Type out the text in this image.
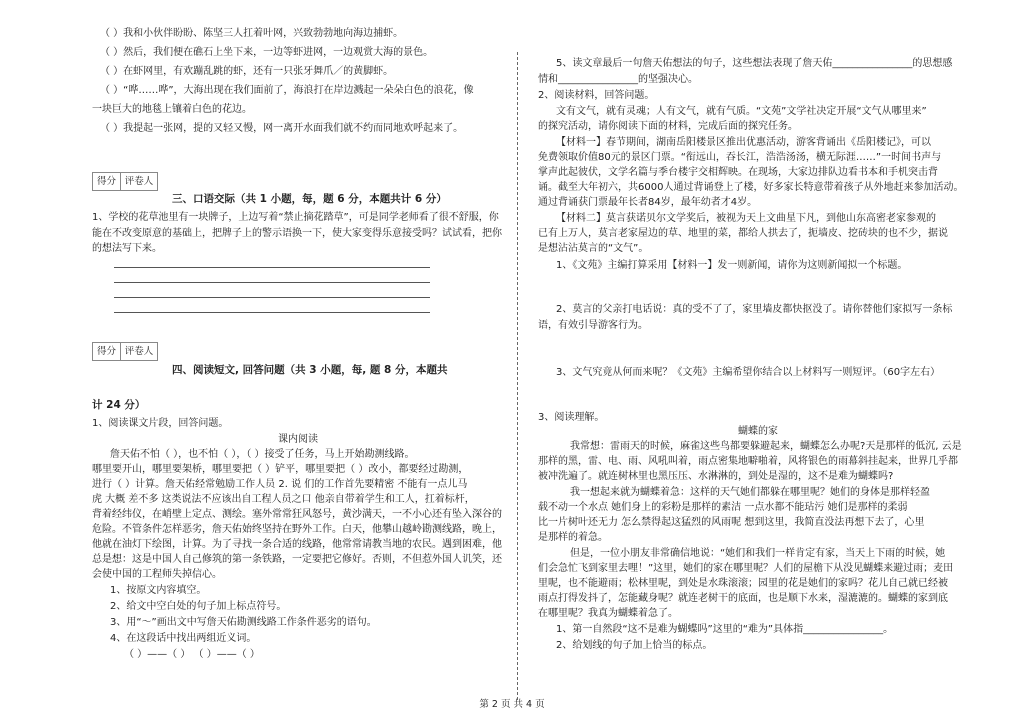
（ ）我和小伙伴盼盼、陈坚三人扛着叶网，兴致勃勃地向海边捕虾。
（ ）然后，我们便在礁石上坐下来，一边等虾进网，一边观赏大海的景色。
（ ）在虾网里，有欢蹦乱跳的虾，还有一只张牙舞爪／的黄脚虾。
（ ）“哗……哗”，大海出现在我们面前了，海浪打在岸边溅起一朵朵白色的浪花，像
一块巨大的地毯上镶着白色的花边。
（ ）我提起一张网，提的又轻又慢，网一离开水面我们就不约而同地欢呼起来了。
得分 评卷人
三、口语交际（共 1 小题，每，题 6 分，本题共计 6 分）
1、学校的花草池里有一块牌子，上边写着“禁止摘花踏草”，可是同学老师看了很不舒服，你
能在不改变原意的基础上，把牌子上的警示语换一下，使大家变得乐意接受吗？试试看，把你
的想法写下来。
得分 评卷人
四、阅读短文, 回答问题（共 3 小题，每, 题 8 分，本题共
计 24 分）
1、阅读课文片段，回答问题。
课内阅读
詹天佑不怕（ ），也不怕（ ），（ ）接受了任务，马上开始勘测线路。
哪里要开山，哪里要架桥，哪里要把（ ）铲平，哪里要把（ ）改小，都要经过勘测，
进行（ ）计算。詹天佑经常勉励工作人员 2. 说 们的工作首先要精密 不能有一点儿马
虎 大概 差不多 这类说法不应该出自工程人员之口 他亲自带着学生和工人，扛着标杆，
背着经纬仪，在峭壁上定点、测绘。塞外常常狂风怒号，黄沙满天，一不小心还有坠入深谷的
危险。不管条件怎样恶劣，詹天佑始终坚持在野外工作。白天，他攀山越岭勘测线路，晚上，
他就在油灯下绘图，计算。为了寻找一条合适的线路，他常常请教当地的农民。遇到困难，他
总是想：这是中国人自己修筑的第一条铁路，一定要把它修好。否则，不但惹外国人讥笑，还
会使中国的工程师失掉信心。
1、按原文内容填空。
2、给文中空白处的句子加上标点符号。
3、用“～”画出文中写詹天佑勘测线路工作条件恶劣的语句。
4、在这段话中找出两组近义词。
（ ）——（ ） （ ）——（ ）
5、读文章最后一句詹天佑想法的句子，这些想法表现了詹天佑________________的思想感
情和________________的坚强决心。
2、阅读材料，回答问题。
文有文气，就有灵魂；人有文气，就有气质。“文苑”文学社决定开展“文气从哪里来”
的探究活动，请你阅读下面的材料，完成后面的探究任务。
【材料一】春节期间，湖南岳阳楼景区推出优惠活动，游客背诵出《岳阳楼记》，可以
免费领取价值80元的景区门票。“衔远山，吞长江，浩浩汤汤，横无际涯……”一时间书声与
掌声此起彼伏，文学名篇与季台楼宇交相辉映。在现场，大家边排队边看书本和手机突击背
诵。截至大年初六，共6000人通过背诵登上了楼，好多家长特意带着孩子从外地赶来参加活动。
通过背诵获门票最年长者84岁，最年幼者才4岁。
【材料二】莫言获诺贝尔文学奖后，被视为天上文曲星下凡，到他山东高密老家参观的
已有上万人，莫言老家屋边的草、地里的菜，都给人拱去了，扼墙皮、挖砖块的也不少，据说
是想沾沾莫言的“文气”。
1、《文苑》主编打算采用【材料一】发一则新闻，请你为这则新闻拟一个标题。
2、莫言的父亲打电话说：真的受不了了，家里墙皮都快抠没了。请你替他们家拟写一条标
语，有效引导游客行为。
3、文气究竟从何而来呢？《文苑》主编希望你结合以上材料写一则短评。（60字左右）
3、阅读理解。
蝴蝶的家
我常想：雷雨天的时候，麻雀这些鸟都要躲避起来，蝴蝶怎么办呢?天是那样的低沉, 云是
那样的黑，雷、电、雨、风吼叫着，雨点密集地噼啪着，风将银色的雨幕斜挂起来，世界几乎都
被冲洗遍了。就连树林里也黑压压、水淋淋的，到处是湿的，这不是难为蝴蝶吗?
我一想起来就为蝴蝶着急：这样的天气她们都躲在哪里呢？她们的身体是那样轻盈
载不动一个水点 她们身上的彩粉是那样的素洁 一点水都不能玷污 她们是那样的柔弱
比一片树叶还无力 怎么禁得起这猛烈的风雨呢 想到这里，我简直没法再想下去了，心里
是那样的着急。
但是，一位小朋友非常确信地说：“她们和我们一样肯定有家，当天上下雨的时候，她
们会急忙飞到家里去哩！”这里，她们的家在哪里呢？人们的屋檐下从没见蝴蝶来避过雨；麦田
里呢，也不能避雨；松林里呢，到处是水珠滚滚；园里的花是她们的家吗？花儿自己就已经被
雨点打得发抖了，怎能藏身呢？就连老树干的底面，也是顺下水来，湿漉漉的。蝴蝶的家到底
在哪里呢？我真为蝴蝶着急了。
1、第一自然段“这不是难为蝴蝶吗”这里的“难为”具体指________________。
2、给划线的句子加上恰当的标点。
第 2 页 共 4 页
